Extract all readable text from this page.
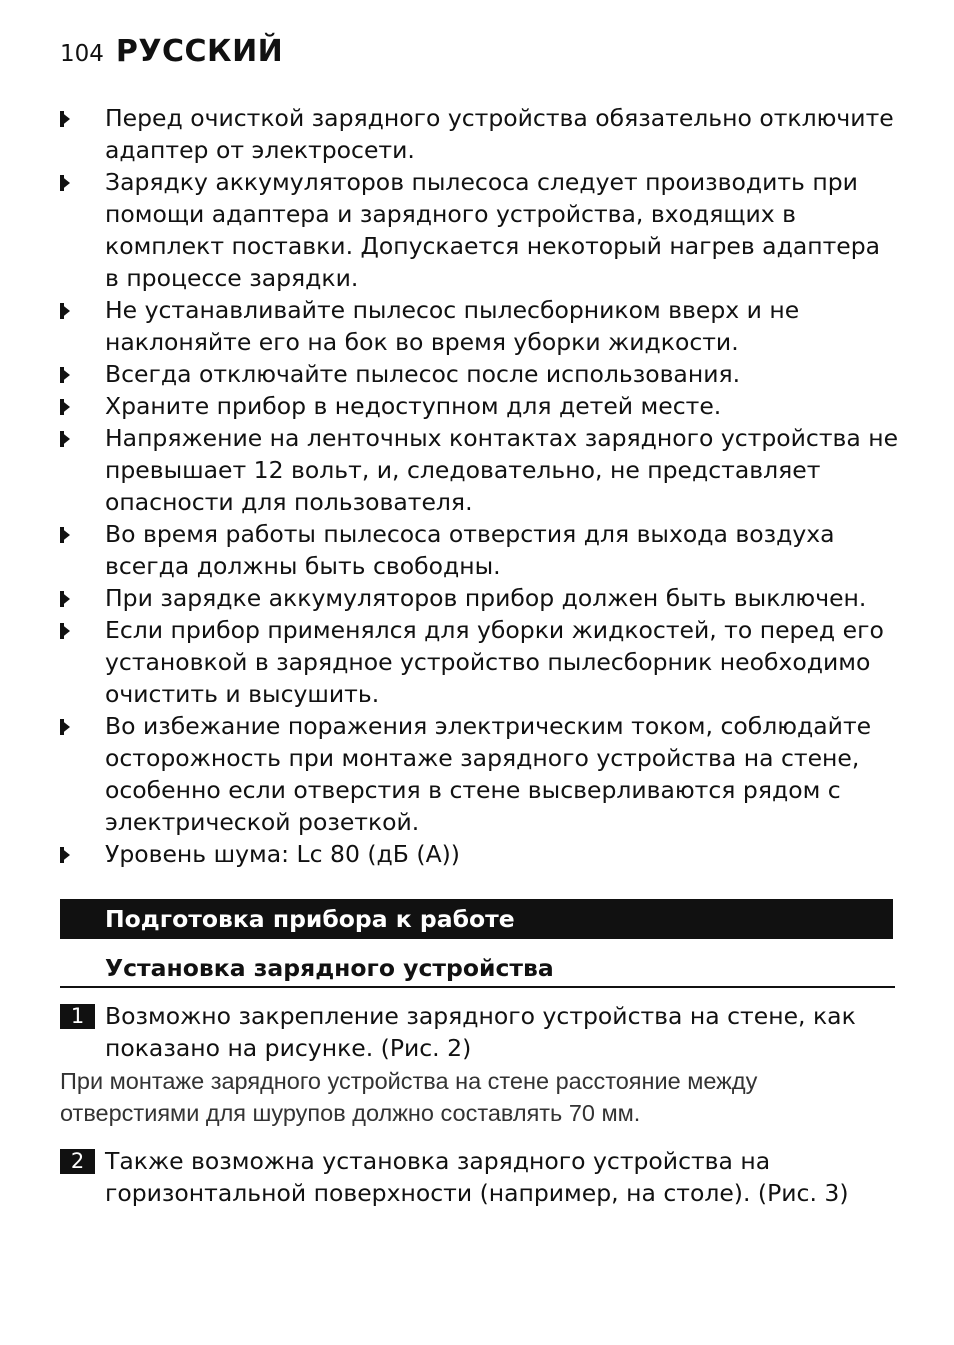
104 РУССКИЙ
Перед очисткой зарядного устройства обязательно отключите адаптер от электросети.
Зарядку аккумуляторов пылесоса следует производить при помощи адаптера и зарядного устройства, входящих в комплект поставки. Допускается некоторый нагрев адаптера в процессе зарядки.
Не устанавливайте пылесос пылесборником вверх и не наклоняйте его на бок во время уборки жидкости.
Всегда отключайте пылесос после использования.
Храните прибор в недоступном для детей месте.
Напряжение на ленточных контактах зарядного устройства не превышает 12 вольт, и, следовательно, не представляет опасности для пользователя.
Во время работы пылесоса отверстия для выхода воздуха всегда должны быть свободны.
При зарядке аккумуляторов прибор должен быть выключен.
Если прибор применялся для уборки жидкостей, то перед его установкой в зарядное устройство пылесборник необходимо очистить и высушить.
Во избежание поражения электрическим током, соблюдайте осторожность при монтаже зарядного устройства на стене, особенно если отверстия в стене высверливаются рядом с электрической розеткой.
Уровень шума: Lc 80 (дБ (A))
Подготовка прибора к работе
Установка зарядного устройства
1 Возможно закрепление зарядного устройства на стене, как показано на рисунке. (Рис. 2)
При монтаже зарядного устройства на стене расстояние между отверстиями для шурупов должно составлять 70 мм.
2 Также возможна установка зарядного устройства на горизонтальной поверхности (например, на столе). (Рис. 3)
